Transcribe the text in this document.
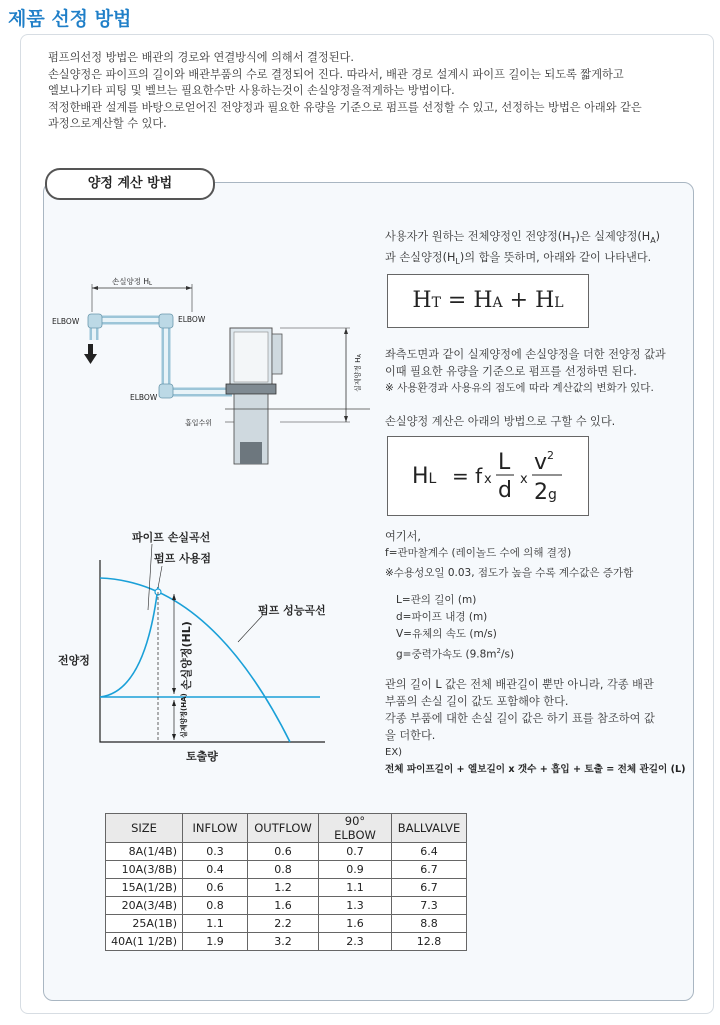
제품 선정 방법

펌프의선정 방법은 배관의 경로와 연결방식에 의해서 결정된다.

손실양정은 파이프의 길이와 배관부품의 수로 결정되어 진다. 따라서, 배관 경로 설계시 파이프 길이는 되도록 짧게하고

엘보나기타 피팅 및 벨브는 필요한수만 사용하는것이 손실양정을적게하는 방법이다.

적정한배관 설계를 바탕으로얻어진 전양정과 필요한 유량을 기준으로 펌프를 선정할 수 있고, 선정하는 방법은 아래와 같은

과정으로계산할 수 있다.

양정 계산 방법
손실양정 HL
ELBOW	ELBOW
ELBOW
흡입수위
실제양정 HA
파이프 손실곡선
펌프 사용점
펌프 성능곡선
전양정
토출량
손실양정(HL)
실제양정(HA)
사용자가 원하는 전체양정인 전양정$(H_T)$은 실제양정$(H_A)$
과 손실양정$(H_L)$의 합을 뜻하며, 아래와 같이 나타낸다.
HT = HA + HL
좌측도면과 같이 실제양정에 손실양정을 더한 전양정 값과
이때 필요한 유량을 기준으로 펌프를 선정하면 된다.
※ 사용환경과 사용유의 점도에 따라 계산값의 변화가 있다.
손실양정 계산은 아래의 방법으로 구할 수 있다.
HL = f x
L
d x
$v^2$
2g
여기서,
f=관마찰계수 (레이놀드 수에 의해 결정)
※수용성오일 0.03, 점도가 높을 수록 계수값은 증가함
L=관의 길이 (m)
d=파이프 내경 (m)
V=유체의 속도 (m/s)
g=중력가속도 $(9.8m^2/s)$
관의 길이 L 값은 전체 배관길이 뿐만 아니라, 각종 배관
부품의 손실 길이 값도 포함해야 한다.
각종 부품에 대한 손실 길이 값은 하기 표를 참조하여 값
을 더한다.
EX)
전체 파이프길이 + 엘보길이 x 갯수 + 흡입 + 토출 = 전체 관길이 (L)
SIZE	INFLOW	OUTFLOW	90° ELBOW	BALLVALVE
8A(1/4B)	0.3	0.6	0.7	6.4
10A(3/8B)	0.4	0.8	0.9	6.7
15A(1/2B)	0.6	1.2	1.1	6.7
20A(3/4B)	0.8	1.6	1.3	7.3
25A(1B)	1.1	2.2	1.6	8.8
40A(1 1/2B)	1.9	3.2	2.3	12.8
